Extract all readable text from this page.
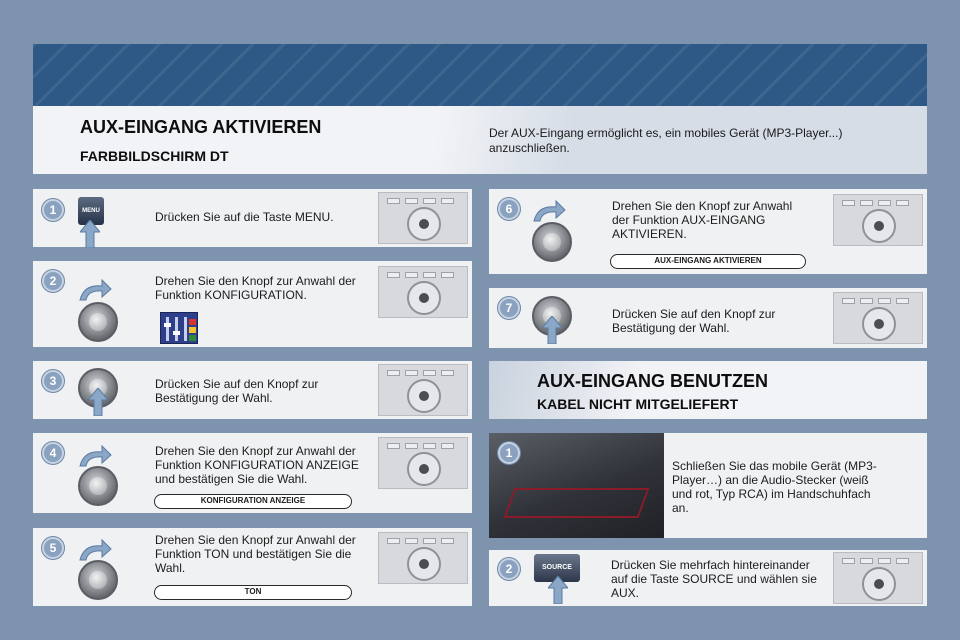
AUX-EINGANG AKTIVIEREN
FARBBILDSCHIRM DT
Der AUX-Eingang ermöglicht es, ein mobiles Gerät (MP3-Player...) anzuschließen.
1	MENU	Drücken Sie auf die Taste MENU.
2	Drehen Sie den Knopf zur Anwahl der Funktion KONFIGURATION.
3	Drücken Sie auf den Knopf zur Bestätigung der Wahl.
4	Drehen Sie den Knopf zur Anwahl der Funktion KONFIGURATION ANZEIGE und bestätigen Sie die Wahl.
KONFIGURATION ANZEIGE
5
Drehen Sie den Knopf zur Anwahl der Funktion TON und bestätigen Sie die Wahl.
TON
6	Drehen Sie den Knopf zur Anwahl der Funktion AUX-EINGANG AKTIVIEREN.
AUX-EINGANG AKTIVIEREN
7	Drücken Sie auf den Knopf zur Bestätigung der Wahl.
AUX-EINGANG BENUTZEN
KABEL NICHT MITGELIEFERT
1
Schließen Sie das mobile Gerät (MP3-Player…) an die Audio-Stecker (weiß und rot, Typ RCA) im Handschuhfach an.
2	SOURCE	Drücken Sie mehrfach hintereinander auf die Taste SOURCE und wählen sie AUX.
